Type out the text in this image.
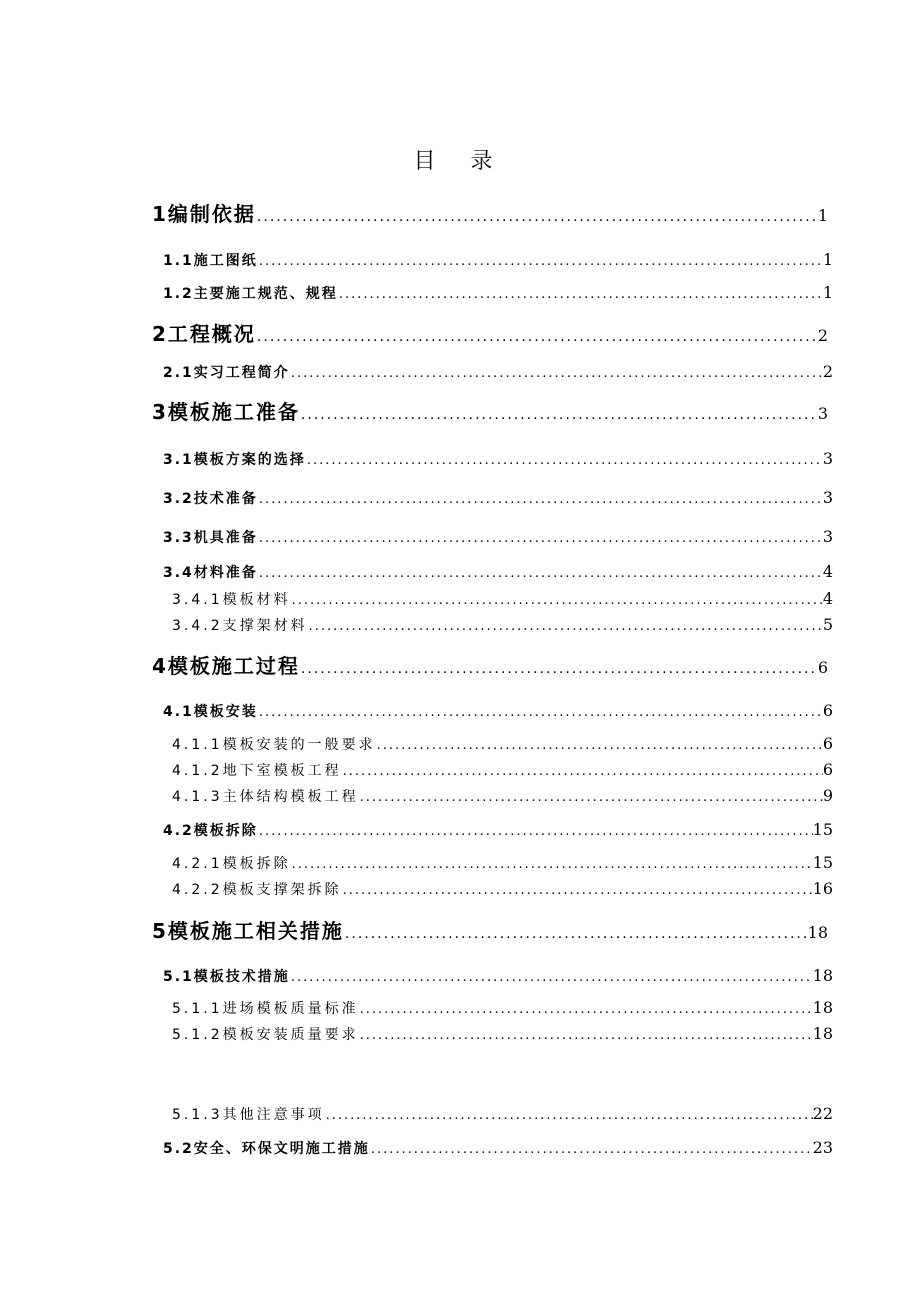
目 录
1编制依据 .....	1
1.1施工图纸 .....	1
1.2主要施工规范、规程 .....	1
2工程概况 .....	2
2.1实习工程简介 .....	2
3模板施工准备 .....	3
3.1模板方案的选择 .....	3
3.2技术准备 .....	3
3.3机具准备 .....	3
3.4材料准备 .....	4
3.4.1模板材料 .....	4
3.4.2支撑架材料 .....	5
4模板施工过程 .....	6
4.1模板安装 .....	6
4.1.1模板安装的一般要求 .....	6
4.1.2地下室模板工程 .....	6
4.1.3主体结构模板工程 .....	9
4.2模板拆除 .....	15
4.2.1模板拆除 .....	15
4.2.2模板支撑架拆除 .....	16
5模板施工相关措施 .....	18
5.1模板技术措施 .....	18
5.1.1进场模板质量标准 .....	18
5.1.2模板安装质量要求 .....	18
5.1.3其他注意事项 .....	22
5.2安全、环保文明施工措施 .....	23
